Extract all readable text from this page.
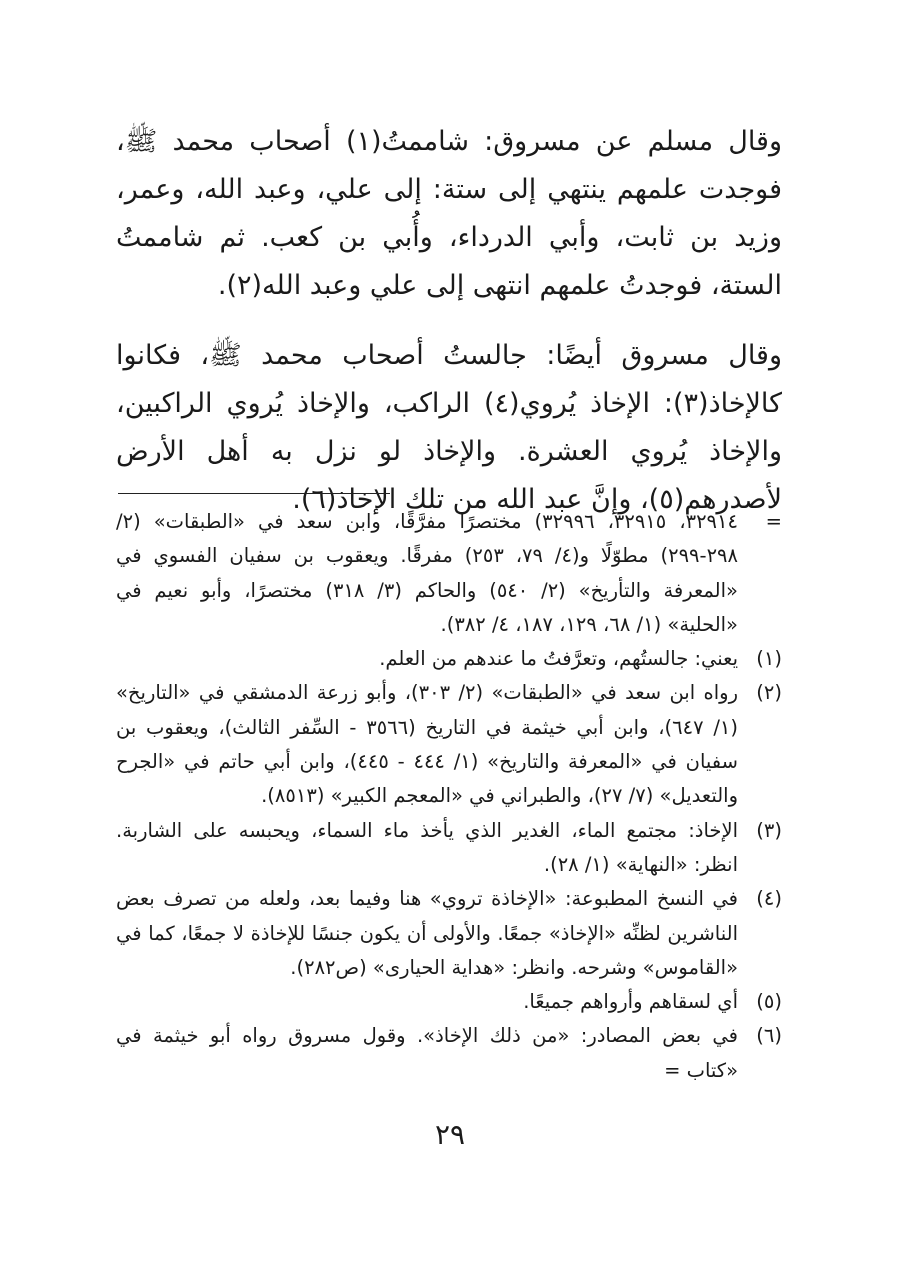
وقال مسلم عن مسروق: شاممتُ(١) أصحاب محمد ﷺ، فوجدت علمهم ينتهي إلى ستة: إلى علي، وعبد الله، وعمر، وزيد بن ثابت، وأبي الدرداء، وأُبي بن كعب. ثم شاممتُ الستة، فوجدتُ علمهم انتهى إلى علي وعبد الله(٢).

وقال مسروق أيضًا: جالستُ أصحاب محمد ﷺ، فكانوا كالإخاذ(٣): الإخاذ يُروي(٤) الراكب، والإخاذ يُروي الراكبين، والإخاذ يُروي العشرة. والإخاذ لو نزل به أهل الأرض لأصدرهم(٥)، وإنَّ عبد الله من تلك الإخاذ(٦).

=

٣٢٩١٤، ٣٢٩١٥، ٣٢٩٩٦) مختصرًا مفرَّقًا، وابن سعد في «الطبقات» (٢/ ٢٩٨-٢٩٩) مطوّلًا و(٤/ ٧٩، ٢٥٣) مفرقًا. ويعقوب بن سفيان الفسوي في «المعرفة والتأريخ» (٢/ ٥٤٠) والحاكم (٣/ ٣١٨) مختصرًا، وأبو نعيم في «الحلية» (١/ ٦٨، ١٢٩، ١٨٧، ٤/ ٣٨٢).

(١)

يعني: جالستُهم، وتعرَّفتُ ما عندهم من العلم.

(٢)

رواه ابن سعد في «الطبقات» (٢/ ٣٠٣)، وأبو زرعة الدمشقي في «التاريخ» (١/ ٦٤٧)، وابن أبي خيثمة في التاريخ (٣٥٦٦ - السِّفر الثالث)، ويعقوب بن سفيان في «المعرفة والتاريخ» (١/ ٤٤٤ - ٤٤٥)، وابن أبي حاتم في «الجرح والتعديل» (٧/ ٢٧)، والطبراني في «المعجم الكبير» (٨٥١٣).

(٣)

الإخاذ: مجتمع الماء، الغدير الذي يأخذ ماء السماء، ويحبسه على الشاربة. انظر: «النهاية» (١/ ٢٨).

(٤)

في النسخ المطبوعة: «الإخاذة تروي» هنا وفيما بعد، ولعله من تصرف بعض الناشرين لظنِّه «الإخاذ» جمعًا. والأولى أن يكون جنسًا للإخاذة لا جمعًا، كما في «القاموس» وشرحه. وانظر: «هداية الحيارى» (ص٢٨٢).

(٥)

أي لسقاهم وأرواهم جميعًا.

(٦)

في بعض المصادر: «من ذلك الإخاذ». وقول مسروق رواه أبو خيثمة في «كتاب =

٢٩
